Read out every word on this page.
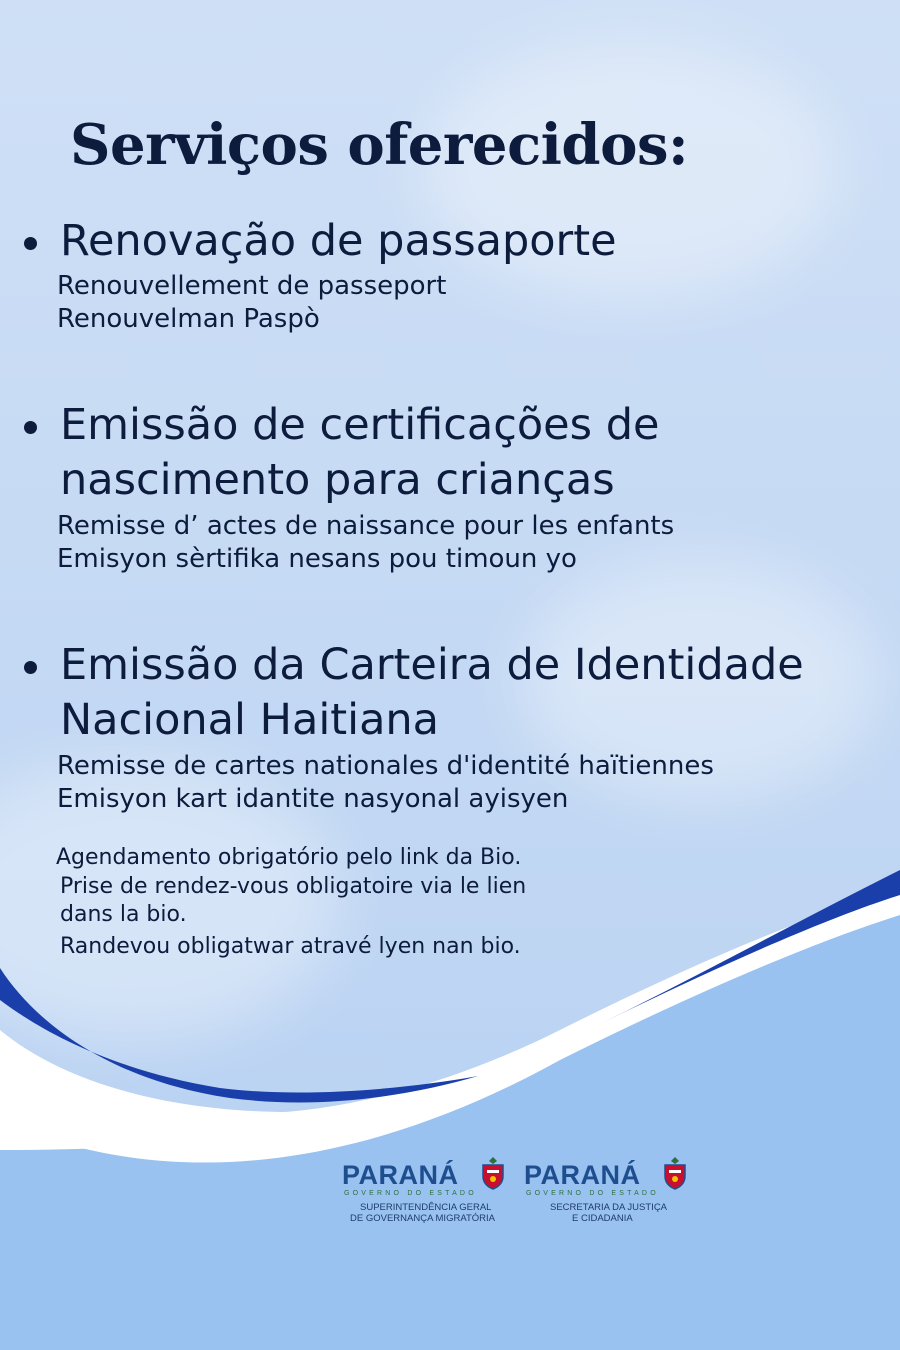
Serviços oferecidos:
Renovação de passaporte
Renouvellement de passeport
Renouvelman Paspò
Emissão de certificações de
nascimento para crianças
Remisse d’ actes de naissance pour les enfants
Emisyon sèrtifika nesans pou timoun yo
Emissão da Carteira de Identidade
Nacional Haitiana
Remisse de cartes nationales d'identité haïtiennes
Emisyon kart idantite nasyonal ayisyen
Agendamento obrigatório pelo link da Bio.
Prise de rendez-vous obligatoire via le lien
dans la bio.
Randevou obligatwar atravé lyen nan bio.
PARANÁ
GOVERNO DO ESTADO
SUPERINTENDÊNCIA GERAL
DE GOVERNANÇA MIGRATÓRIA
PARANÁ
GOVERNO DO ESTADO
SECRETARIA DA JUSTIÇA
E CIDADANIA
